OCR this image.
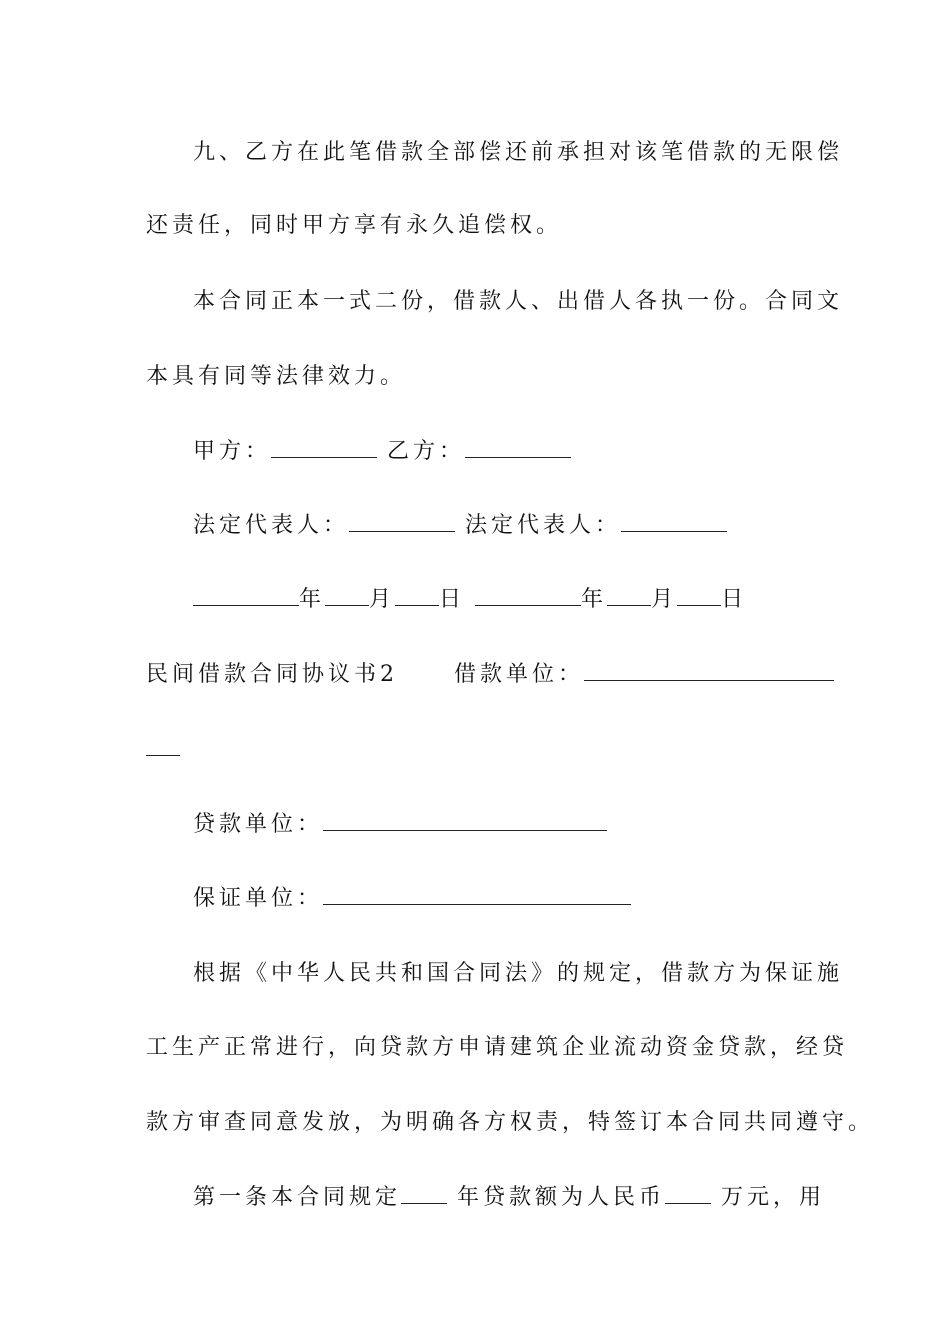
九、乙方在此笔借款全部偿还前承担对该笔借款的无限偿
还责任，同时甲方享有永久追偿权。
本合同正本一式二份，借款人、出借人各执一份。合同文
本具有同等法律效力。
甲方：	乙方：
法定代表人：	法定代表人：
年 月 日	年 月 日
民间借款合同协议书2	借款单位：
贷款单位：
保证单位：
根据《中华人民共和国合同法》的规定，借款方为保证施
工生产正常进行，向贷款方申请建筑企业流动资金贷款，经贷
款方审查同意发放，为明确各方权责，特签订本合同共同遵守。
第一条本合同规定	年贷款额为人民币	万元，用
